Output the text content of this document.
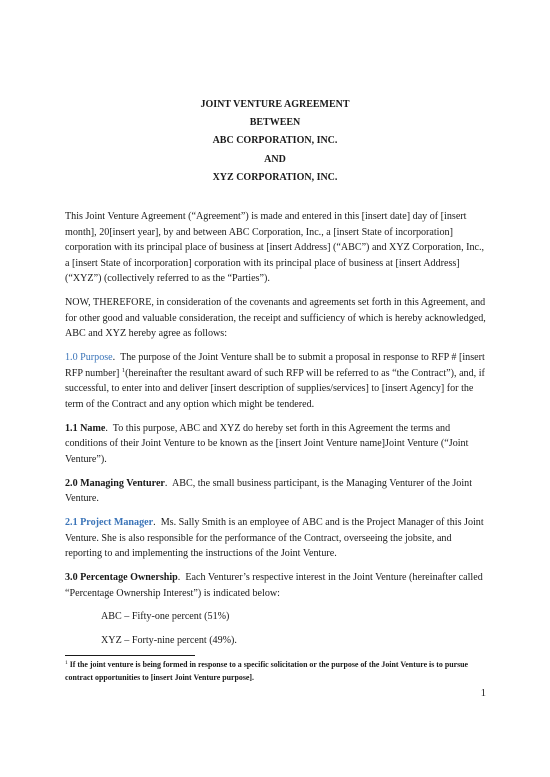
JOINT VENTURE AGREEMENT
BETWEEN
ABC CORPORATION, INC.
AND
XYZ CORPORATION, INC.

This Joint Venture Agreement (“Agreement”) is made and entered in this [insert date] day of [insert month], 20[insert year], by and between ABC Corporation, Inc., a [insert State of incorporation] corporation with its principal place of business at [insert Address] (“ABC”) and XYZ Corporation, Inc., a [insert State of incorporation] corporation with its principal place of business at [insert Address] (“XYZ”) (collectively referred to as the “Parties”).

NOW, THEREFORE, in consideration of the covenants and agreements set forth in this Agreement, and for other good and valuable consideration, the receipt and sufficiency of which is hereby acknowledged, ABC and XYZ hereby agree as follows:

1.0 Purpose.  The purpose of the Joint Venture shall be to submit a proposal in response to RFP # [insert RFP number] $^1$(hereinafter the resultant award of such RFP will be referred to as “the Contract”), and, if successful, to enter into and deliver [insert description of supplies/services] to [insert Agency] for the term of the Contract and any option which might be tendered.

1.1 Name.  To this purpose, ABC and XYZ do hereby set forth in this Agreement the terms and conditions of their Joint Venture to be known as the [insert Joint Venture name]Joint Venture (“Joint Venture”).

2.0 Managing Venturer.  ABC, the small business participant, is the Managing Venturer of the Joint Venture.

2.1 Project Manager.  Ms. Sally Smith is an employee of ABC and is the Project Manager of this Joint Venture. She is also responsible for the performance of the Contract, overseeing the jobsite, and reporting to and implementing the instructions of the Joint Venture.

3.0 Percentage Ownership.  Each Venturer’s respective interest in the Joint Venture (hereinafter called “Percentage Ownership Interest”) is indicated below:

ABC – Fifty-one percent (51%)

XYZ – Forty-nine percent (49%).

$^1$ If the joint venture is being formed in response to a specific solicitation or the purpose of the Joint Venture is to pursue contract opportunities to [insert Joint Venture purpose].
1
